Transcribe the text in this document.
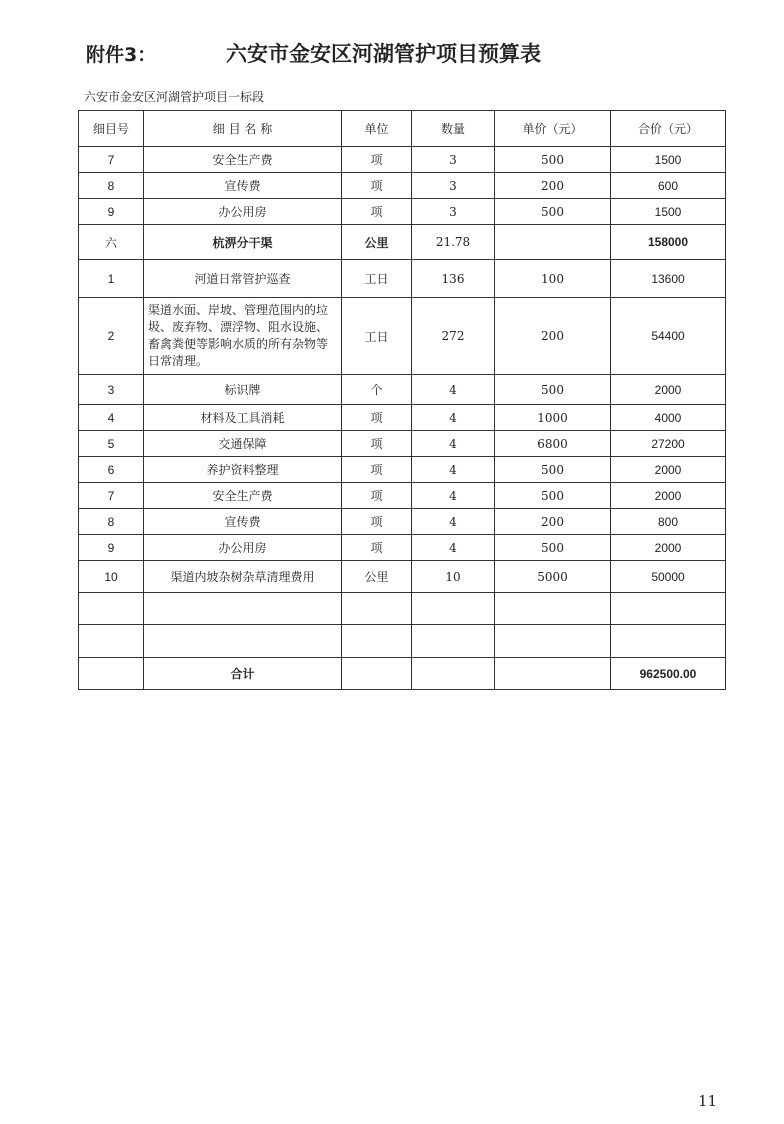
附件3：	六安市金安区河湖管护项目预算表
六安市金安区河湖管护项目一标段
细目号	细 目 名 称	单位	数量	单价（元）	合价（元）
7	安全生产费	项	3	500	1500
8	宣传费	项	3	200	600
9	办公用房	项	3	500	1500
六	杭淠分干渠	公里	21.78		158000
1	河道日常管护巡查	工日	136	100	13600
2	渠道水面、岸坡、管理范围内的垃圾、废弃物、漂浮物、阻水设施、畜禽粪便等影响水质的所有杂物等日常清理。	工日	272	200	54400
3	标识牌	个	4	500	2000
4	材料及工具消耗	项	4	1000	4000
5	交通保障	项	4	6800	27200
6	养护资料整理	项	4	500	2000
7	安全生产费	项	4	500	2000
8	宣传费	项	4	200	800
9	办公用房	项	4	500	2000
10	渠道内坡杂树杂草清理费用	公里	10	5000	50000

	合计				962500.00
11
